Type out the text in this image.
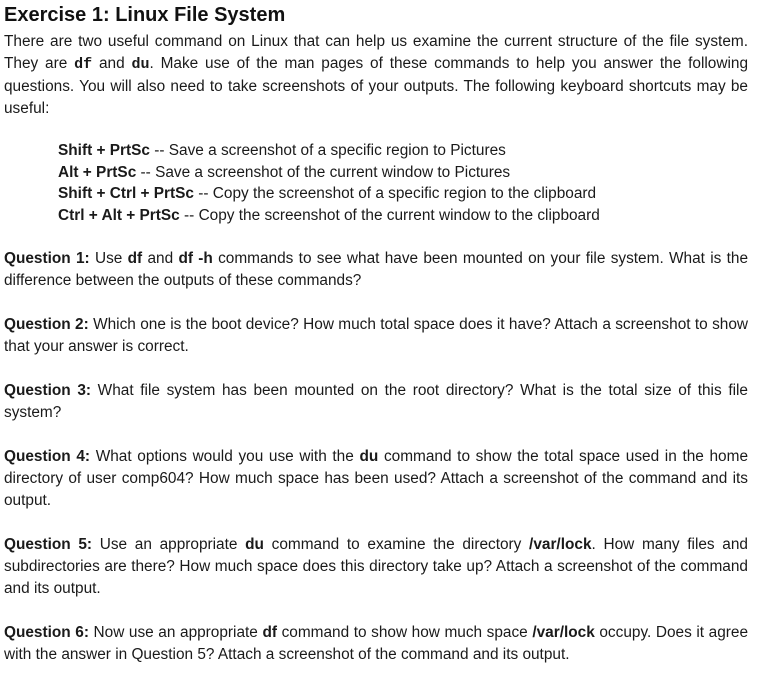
Exercise 1: Linux File System

There are two useful command on Linux that can help us examine the current structure of the file system. They are df and du. Make use of the man pages of these commands to help you answer the following questions. You will also need to take screenshots of your outputs. The following keyboard shortcuts may be useful:

Shift + PrtSc -- Save a screenshot of a specific region to Pictures
Alt + PrtSc -- Save a screenshot of the current window to Pictures
Shift + Ctrl + PrtSc -- Copy the screenshot of a specific region to the clipboard
Ctrl + Alt + PrtSc -- Copy the screenshot of the current window to the clipboard

Question 1: Use df and df -h commands to see what have been mounted on your file system. What is the difference between the outputs of these commands?

Question 2: Which one is the boot device? How much total space does it have? Attach a screenshot to show that your answer is correct.

Question 3: What file system has been mounted on the root directory? What is the total size of this file system?

Question 4: What options would you use with the du command to show the total space used in the home directory of user comp604? How much space has been used? Attach a screenshot of the command and its output.

Question 5: Use an appropriate du command to examine the directory /var/lock. How many files and subdirectories are there? How much space does this directory take up? Attach a screenshot of the command and its output.

Question 6: Now use an appropriate df command to show how much space /var/lock occupy. Does it agree with the answer in Question 5? Attach a screenshot of the command and its output.
